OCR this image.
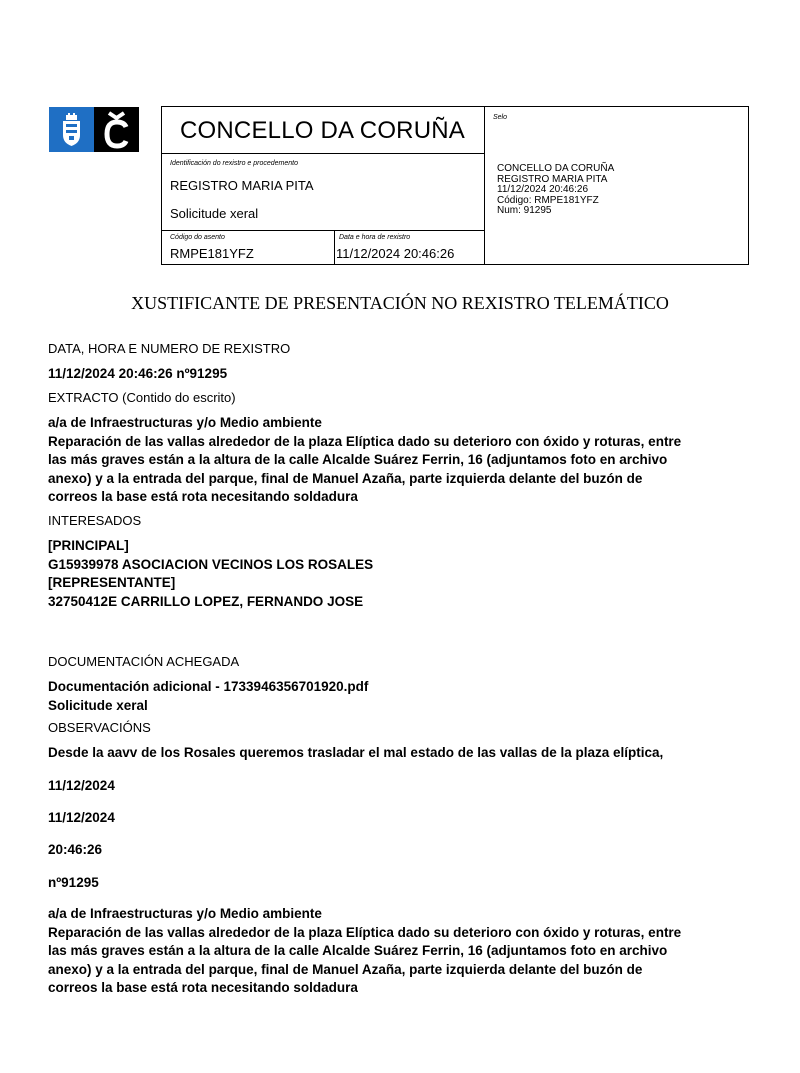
CONCELLO DA CORUÑA
Identificación do rexistro e procedemento
REGISTRO MARIA PITA
Solicitude xeral
Código do asento
RMPE181YFZ
Data e hora de rexistro
11/12/2024 20:46:26
Selo
CONCELLO DA CORUÑA
REGISTRO MARIA PITA
11/12/2024 20:46:26
Código: RMPE181YFZ
Num: 91295
XUSTIFICANTE DE PRESENTACIÓN NO REXISTRO TELEMÁTICO
DATA, HORA E NUMERO DE REXISTRO
11/12/2024 20:46:26 nº91295
EXTRACTO (Contido do escrito)
a/a de Infraestructuras y/o Medio ambiente
Reparación de las vallas alrededor de la plaza Elíptica dado su deterioro con óxido y roturas, entre
las más graves están a la altura de la calle Alcalde Suárez Ferrin, 16 (adjuntamos foto en archivo
anexo) y a la entrada del parque, final de Manuel Azaña, parte izquierda delante del buzón de
correos la base está rota necesitando soldadura
INTERESADOS
[PRINCIPAL]
G15939978 ASOCIACION VECINOS LOS ROSALES
[REPRESENTANTE]
32750412E CARRILLO LOPEZ, FERNANDO JOSE
DOCUMENTACIÓN ACHEGADA
Documentación adicional - 1733946356701920.pdf
Solicitude xeral
OBSERVACIÓNS
Desde la aavv de los Rosales queremos trasladar el mal estado de las vallas de la plaza elíptica,
11/12/2024
11/12/2024
20:46:26
nº91295
a/a de Infraestructuras y/o Medio ambiente
Reparación de las vallas alrededor de la plaza Elíptica dado su deterioro con óxido y roturas, entre
las más graves están a la altura de la calle Alcalde Suárez Ferrin, 16 (adjuntamos foto en archivo
anexo) y a la entrada del parque, final de Manuel Azaña, parte izquierda delante del buzón de
correos la base está rota necesitando soldadura
